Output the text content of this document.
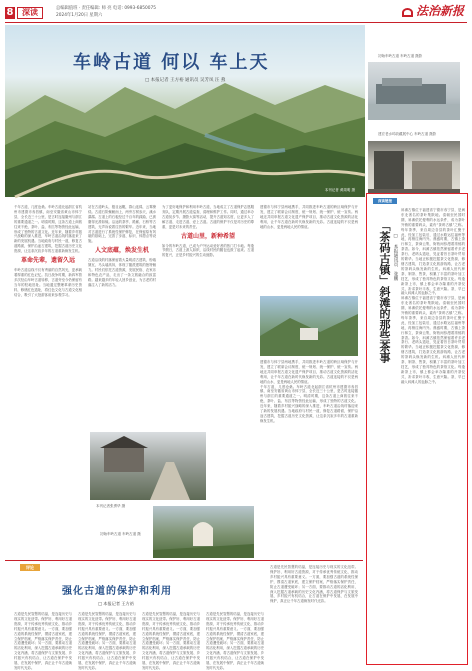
8	深读	总编辑值班 · 责任编辑: 师 亮 电话: 0993-6850075
2024年1月20日 星期六	法治新报
车岭古道 何以 车上天
□ 本报记者 王方裕 通讯员 吴芳凤 汪 燕
本刊记者 黄周明 摄
初始车岭古道 车岭古道 摄影
建宏老水坞收藏展中心 车岭古道 摄影

千年古道，几度沧桑。车岭古道北起浙江省杭州市建德市寿昌镇，南至安徽省黄山市休宁县，全长近三十公里，是古时连接徽州与浙江的重要通道之一。明清时期，这条古道上商旅往来不绝，茶叶、盐、布匹等物资经此运输，形成了独特的古道文化。近年来，随着乡村振兴战略的深入推进，车岭古道沿线村落迎来了新的发展机遇。当地政府与村民一道，修复古道路面，保护沿途古建筑，挖掘古道历史文化资源，让这条沉寂多年的古道重新焕发生机。

革命先辈，遗留久远

车岭古道沿线不仅有秀丽的自然风光，更承载着厚重的红色记忆。抗日战争时期，新四军曾多次经由车岭古道转移，古道旁至今仍保留有当年的驻地旧址。当地通过整理革命历史资料，修缮红色遗址，将红色文化与古道文化相结合，吸引了大批游客前来参观学习。

站在古道岭头，极目远眺，群山连绵，云雾缭绕。古道石阶蜿蜒而上，两旁古树参天，溪水潺潺。古道上的石板经过千百年的踩踏，已被磨得光滑如镜。沿途的茶亭、路廊、石桥等古建筑，无声诉说着往昔的繁华。近年来，当地对古道进行了系统性保护修复，在保留原有风貌的基础上，完善了步道、标识、休憩点等设施。

人文底蕴，焕发生机

古道沿线的村落保留着大量明清古建筑，粉墙黛瓦、马头墙高耸，体现了徽派建筑的独特魅力。村民们依托古道资源，发展民宿、农家乐和特色农产品，走出了一条文旅融合的致富路。越来越多的年轻人回乡创业，为古老的村落注入了新的活力。

为了更好地保护和利用车岭古道，当地成立了古道保护志愿服务队，定期开展古道巡查、清理和维护工作。同时，通过举办古道徒步节、摄影大赛等活动，提升古道知名度，让更多人了解古道、走进古道、爱上古道。古道的保护不仅是对历史的尊重，更是对未来的责任。

古道山里，新种希望

如今的车岭古道，已成为户外运动爱好者的热门打卡地。每逢节假日，古道上游人如织，沿线村民的腰包也鼓了起来。古道的复兴，正是乡村振兴的生动缩影。

建德市与休宁县两地携手，共同推进车岭古道的跨区域保护与开发，建立了联席会议制度，统一规划、统一保护、统一宣传。两地还共同申报古道文化遗产保护项目，推动古道文化资源的活化利用，让千年古道在新时代焕发新的光彩。古道连接的不仅是两地的山水，更是两地人民的情谊。

建德市与休宁县两地携手，共同推进车岭古道的跨区域保护与开发，建立了联席会议制度，统一规划、统一保护、统一宣传。两地还共同申报古道文化遗产保护项目，推动古道文化资源的活化利用，让千年古道在新时代焕发新的光彩。古道连接的不仅是两地的山水，更是两地人民的情谊。

千年古道，几度沧桑。车岭古道北起浙江省杭州市建德市寿昌镇，南至安徽省黄山市休宁县，全长近三十公里，是古时连接徽州与浙江的重要通道之一。明清时期，这条古道上商旅往来不绝，茶叶、盐、布匹等物资经此运输，形成了独特的古道文化。近年来，随着乡村振兴战略的深入推进，车岭古道沿线村落迎来了新的发展机遇。当地政府与村民一道，修复古道路面，保护沿途古建筑，挖掘古道历史文化资源，让这条沉寂多年的古道重新焕发生机。

本刊记者张勇华 摄
初始车岭古道 车岭古道 摄
深读链接
「茶码古镇」斜滩的那些茶事 □ 本报通讯员 张鹏

斜滩古镇位于福建省宁德市寿宁县，是闽东北著名的茶叶集散地。清朝至民国时期，斜滩依托便利的水运条件，成为茶叶外销的重要码头，素有“茶码古镇”之称。每年茶季，来自周边各县的茶叶汇聚于此，经加工包装后，通过水路运往福州等地，再销往海内外。鼎盛时期，古镇上茶行林立，茶商云集，街巷间弥漫着浓郁的茶香。如今，斜滩古镇依然保留着许多老茶行、老码头遗址，见证着昔日茶叶贸易的繁华。当地正积极挖掘茶文化资源，修缮古建筑，打造茶文化旅游线路，让古老的茶码头焕发新的生机。斜滩人世代种茶、制茶、售茶，积累了丰富的茶叶加工技艺，形成了独具特色的茶俗文化。每逢新茶上市，镇上都会举办隆重的开茶仪式，祈求茶叶丰收、生意兴隆。茶，早已融入斜滩人的血脉之中。

斜滩古镇位于福建省宁德市寿宁县，是闽东北著名的茶叶集散地。清朝至民国时期，斜滩依托便利的水运条件，成为茶叶外销的重要码头，素有“茶码古镇”之称。每年茶季，来自周边各县的茶叶汇聚于此，经加工包装后，通过水路运往福州等地，再销往海内外。鼎盛时期，古镇上茶行林立，茶商云集，街巷间弥漫着浓郁的茶香。如今，斜滩古镇依然保留着许多老茶行、老码头遗址，见证着昔日茶叶贸易的繁华。当地正积极挖掘茶文化资源，修缮古建筑，打造茶文化旅游线路，让古老的茶码头焕发新的生机。斜滩人世代种茶、制茶、售茶，积累了丰富的茶叶加工技艺，形成了独具特色的茶俗文化。每逢新茶上市，镇上都会举办隆重的开茶仪式，祈求茶叶丰收、生意兴隆。茶，早已融入斜滩人的血脉之中。

评论
强化古道的保护和利用
□ 本报记者 王方裕

古道是先民智慧的结晶，是连接历史与现实的文化纽带。保护好、利用好古道资源，对于传承优秀传统文化、推动乡村振兴具有重要意义。一方面，要加强古道的系统性保护，摸清古道家底，建立保护档案，严格落实保护责任，防止古道遭受破坏；另一方面，要推动古道的活化利用，深入挖掘古道承载的历史文化内涵，将古道保护与文旅发展、乡村振兴有机结合，让古道在保护中发展、在发展中保护，真正让千年古道焕发时代光彩。

古道是先民智慧的结晶，是连接历史与现实的文化纽带。保护好、利用好古道资源，对于传承优秀传统文化、推动乡村振兴具有重要意义。一方面，要加强古道的系统性保护，摸清古道家底，建立保护档案，严格落实保护责任，防止古道遭受破坏；另一方面，要推动古道的活化利用，深入挖掘古道承载的历史文化内涵，将古道保护与文旅发展、乡村振兴有机结合，让古道在保护中发展、在发展中保护，真正让千年古道焕发时代光彩。

古道是先民智慧的结晶，是连接历史与现实的文化纽带。保护好、利用好古道资源，对于传承优秀传统文化、推动乡村振兴具有重要意义。一方面，要加强古道的系统性保护，摸清古道家底，建立保护档案，严格落实保护责任，防止古道遭受破坏；另一方面，要推动古道的活化利用，深入挖掘古道承载的历史文化内涵，将古道保护与文旅发展、乡村振兴有机结合，让古道在保护中发展、在发展中保护，真正让千年古道焕发时代光彩。

古道是先民智慧的结晶，是连接历史与现实的文化纽带。保护好、利用好古道资源，对于传承优秀传统文化、推动乡村振兴具有重要意义。一方面，要加强古道的系统性保护，摸清古道家底，建立保护档案，严格落实保护责任，防止古道遭受破坏；另一方面，要推动古道的活化利用，深入挖掘古道承载的历史文化内涵，将古道保护与文旅发展、乡村振兴有机结合，让古道在保护中发展、在发展中保护，真正让千年古道焕发时代光彩。

古道是先民智慧的结晶，是连接历史与现实的文化纽带。保护好、利用好古道资源，对于传承优秀传统文化、推动乡村振兴具有重要意义。一方面，要加强古道的系统性保护，摸清古道家底，建立保护档案，严格落实保护责任，防止古道遭受破坏；另一方面，要推动古道的活化利用，深入挖掘古道承载的历史文化内涵，将古道保护与文旅发展、乡村振兴有机结合，让古道在保护中发展、在发展中保护，真正让千年古道焕发时代光彩。
